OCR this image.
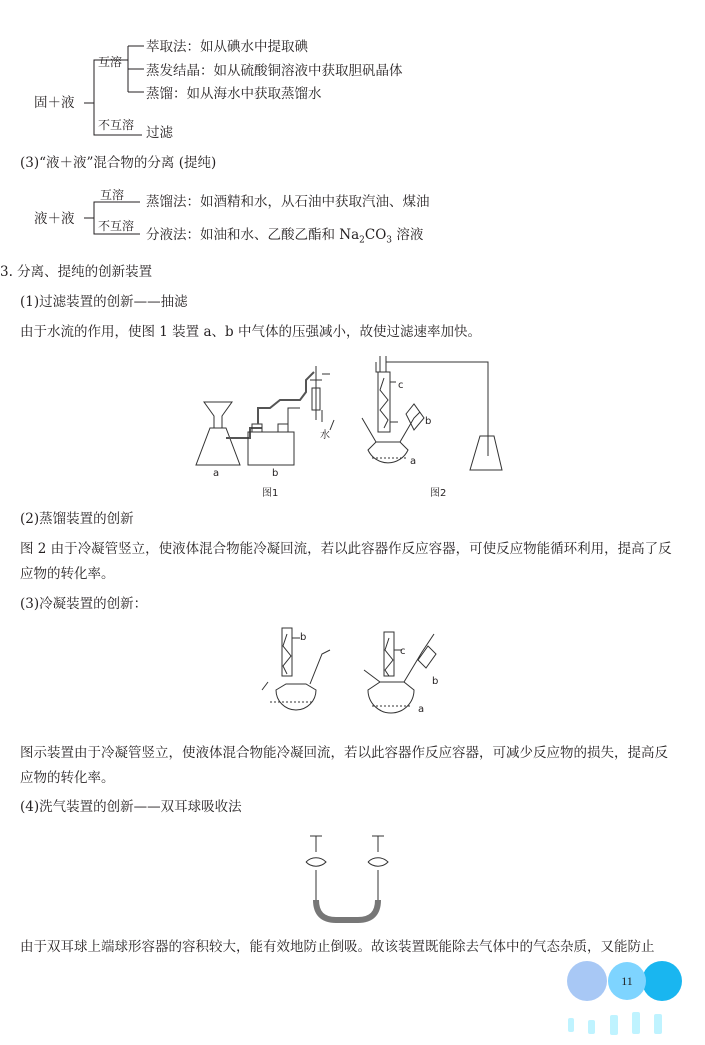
固＋液
互溶
不互溶
萃取法：如从碘水中提取碘
蒸发结晶：如从硫酸铜溶液中获取胆矾晶体
蒸馏：如从海水中获取蒸馏水
过滤
(3)“液＋液”混合物的分离 (提纯)
液＋液
互溶
不互溶
蒸馏法：如酒精和水，从石油中获取汽油、煤油
分液法：如油和水、乙酸乙酯和 $Na_2CO_3$ 溶液
3. 分离、提纯的创新装置
(1)过滤装置的创新——抽滤
由于水流的作用，使图 1 装置 a、b 中气体的压强减小，故使过滤速率加快。
a	b
水
图1
c
b
a
图2
(2)蒸馏装置的创新
图 2 由于冷凝管竖立，使液体混合物能冷凝回流，若以此容器作反应容器，可使反应物能循环利用，提高了反
应物的转化率。
(3)冷凝装置的创新：
b
c
b
a
图示装置由于冷凝管竖立，使液体混合物能冷凝回流，若以此容器作反应容器，可减少反应物的损失，提高反
应物的转化率。
(4)洗气装置的创新——双耳球吸收法
由于双耳球上端球形容器的容积较大，能有效地防止倒吸。故该装置既能除去气体中的气态杂质，又能防止
11
